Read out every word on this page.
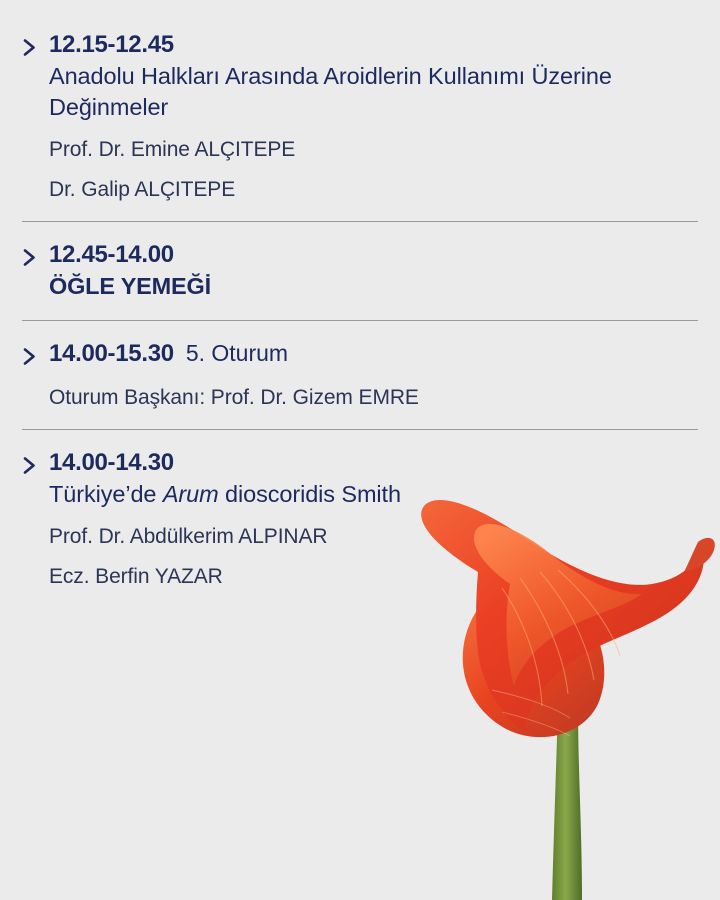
12.15-12.45
Anadolu Halkları Arasında Aroidlerin Kullanımı Üzerine Değinmeler
Prof. Dr. Emine ALÇITEPE
Dr. Galip ALÇITEPE
12.45-14.00
ÖĞLE YEMEĞİ
14.00-15.30 5. Oturum
Oturum Başkanı: Prof. Dr. Gizem EMRE
14.00-14.30
Türkiye’de Arum dioscoridis Smith
Prof. Dr. Abdülkerim ALPINAR
Ecz. Berfin YAZAR
